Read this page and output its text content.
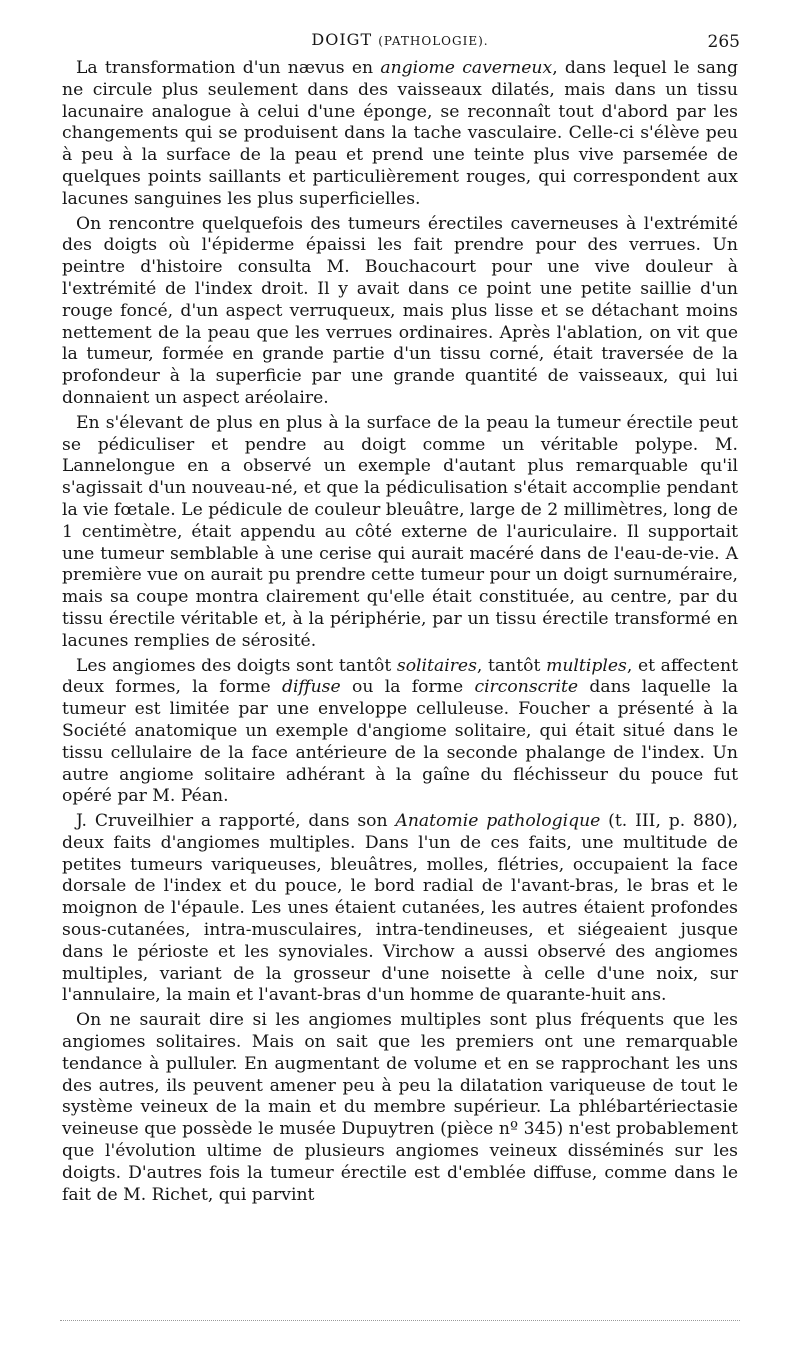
DOIGT (PATHOLOGIE).	265

La transformation d'un nævus en angiome caverneux, dans lequel le sang ne circule plus seulement dans des vaisseaux dilatés, mais dans un tissu lacunaire analogue à celui d'une éponge, se reconnaît tout d'abord par les changements qui se produisent dans la tache vasculaire. Celle-ci s'élève peu à peu à la surface de la peau et prend une teinte plus vive parsemée de quelques points saillants et particulièrement rouges, qui correspondent aux lacunes sanguines les plus superficielles.

On rencontre quelquefois des tumeurs érectiles caverneuses à l'extrémité des doigts où l'épiderme épaissi les fait prendre pour des verrues. Un peintre d'histoire consulta M. Bouchacourt pour une vive douleur à l'extrémité de l'index droit. Il y avait dans ce point une petite saillie d'un rouge foncé, d'un aspect verruqueux, mais plus lisse et se détachant moins nettement de la peau que les verrues ordinaires. Après l'ablation, on vit que la tumeur, formée en grande partie d'un tissu corné, était traversée de la profondeur à la superficie par une grande quantité de vaisseaux, qui lui donnaient un aspect aréolaire.

En s'élevant de plus en plus à la surface de la peau la tumeur érectile peut se pédiculiser et pendre au doigt comme un véritable polype. M. Lannelongue en a observé un exemple d'autant plus remarquable qu'il s'agissait d'un nouveau-né, et que la pédiculisation s'était accomplie pendant la vie fœtale. Le pédicule de couleur bleuâtre, large de 2 millimètres, long de 1 centimètre, était appendu au côté externe de l'auriculaire. Il supportait une tumeur semblable à une cerise qui aurait macéré dans de l'eau-de-vie. A première vue on aurait pu prendre cette tumeur pour un doigt surnuméraire, mais sa coupe montra clairement qu'elle était constituée, au centre, par du tissu érectile véritable et, à la périphérie, par un tissu érectile transformé en lacunes remplies de sérosité.

Les angiomes des doigts sont tantôt solitaires, tantôt multiples, et affectent deux formes, la forme diffuse ou la forme circonscrite dans laquelle la tumeur est limitée par une enveloppe celluleuse. Foucher a présenté à la Société anatomique un exemple d'angiome solitaire, qui était situé dans le tissu cellulaire de la face antérieure de la seconde phalange de l'index. Un autre angiome solitaire adhérant à la gaîne du fléchisseur du pouce fut opéré par M. Péan.

J. Cruveilhier a rapporté, dans son Anatomie pathologique (t. III, p. 880), deux faits d'angiomes multiples. Dans l'un de ces faits, une multitude de petites tumeurs variqueuses, bleuâtres, molles, flétries, occupaient la face dorsale de l'index et du pouce, le bord radial de l'avant-bras, le bras et le moignon de l'épaule. Les unes étaient cutanées, les autres étaient profondes sous-cutanées, intra-musculaires, intra-tendineuses, et siégeaient jusque dans le périoste et les synoviales. Virchow a aussi observé des angiomes multiples, variant de la grosseur d'une noisette à celle d'une noix, sur l'annulaire, la main et l'avant-bras d'un homme de quarante-huit ans.

On ne saurait dire si les angiomes multiples sont plus fréquents que les angiomes solitaires. Mais on sait que les premiers ont une remarquable tendance à pulluler. En augmentant de volume et en se rapprochant les uns des autres, ils peuvent amener peu à peu la dilatation variqueuse de tout le système veineux de la main et du membre supérieur. La phlébartériectasie veineuse que possède le musée Dupuytren (pièce nº 345) n'est probablement que l'évolution ultime de plusieurs angiomes veineux disséminés sur les doigts. D'autres fois la tumeur érectile est d'emblée diffuse, comme dans le fait de M. Richet, qui parvint
